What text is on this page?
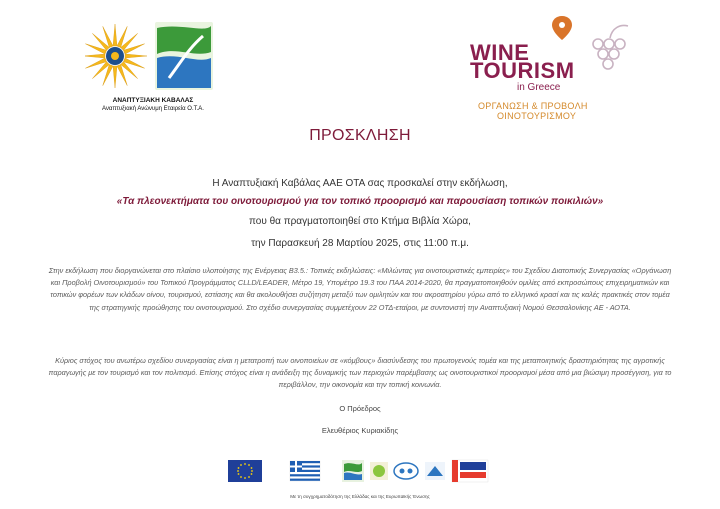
ΑΝΑΠΤΥΞΙΑΚΗ ΚΑΒΑΛΑΣ
Αναπτυξιακή Ανώνυμη Εταιρεία Ο.Τ.Α.
WINE
TOURISM
in Greece
ΟΡΓΑΝΩΣΗ & ΠΡΟΒΟΛΗ
ΟΙΝΟΤΟΥΡΙΣΜΟΥ
ΠΡΟΣΚΛΗΣΗ
Η Αναπτυξιακή Καβάλας ΑΑΕ ΟΤΑ σας προσκαλεί στην εκδήλωση,
«Τα πλεονεκτήματα του οινοτουρισμού για τον τοπικό προορισμό και παρουσίαση τοπικών ποικιλιών»
που θα πραγματοποιηθεί στο Κτήμα Βιβλία Χώρα,
την Παρασκευή 28 Μαρτίου 2025, στις 11:00 π.μ.
Στην εκδήλωση που διοργανώνεται στο πλαίσιο υλοποίησης της Ενέργειας Β3.5.: Τοπικές εκδηλώσεις: «Μιλώντας για οινοτουριστικές εμπειρίες» του Σχεδίου Διατοπικής Συνεργασίας «Οργάνωση και Προβολή Οινοτουρισμού» του Τοπικού Προγράμματος CLLD/LEADER, Μέτρο 19, Υπομέτρο 19.3 του ΠΑΑ 2014-2020, θα πραγματοποιηθούν ομιλίες από εκπροσώπους επιχειρηματικών και τοπικών φορέων των κλάδων οίνου, τουρισμού, εστίασης και θα ακολουθήσει συζήτηση μεταξύ των ομιλητών και του ακροατηρίου γύρω από το ελληνικό κρασί και τις καλές πρακτικές στον τομέα της στρατηγικής προώθησης του οινοτουρισμού. Στο σχέδιο συνεργασίας συμμετέχουν 22 ΟΤΔ-εταίροι, με συντονιστή την Αναπτυξιακή Νομού Θεσσαλονίκης ΑΕ - ΑΟΤΑ.
Κύριος στόχος του ανωτέρω σχεδίου συνεργασίας είναι η μετατροπή των οινοποιείων σε «κόμβους» διασύνδεσης του πρωτογενούς τομέα και της μεταποιητικής δραστηριότητας της αγροτικής παραγωγής με τον τουρισμό και τον πολιτισμό. Επίσης στόχος είναι η ανάδειξη της δυναμικής των περιοχών παρέμβασης ως οινοτουριστικοί προορισμοί μέσα από μια βιώσιμη προσέγγιση, για το περιβάλλον, την οικονομία και την τοπική κοινωνία.
Ο Πρόεδρος
Ελευθέριος Κυριακίδης
Με τη συγχρηματοδότηση της Ελλάδας και της Ευρωπαϊκής Ένωσης
